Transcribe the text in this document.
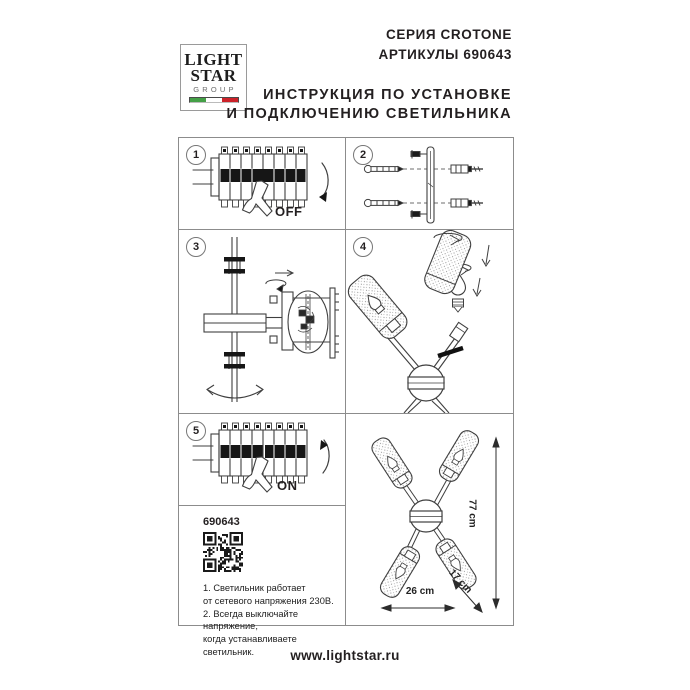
LIGHT
STAR
GROUP
СЕРИЯ CROTONE
АРТИКУЛЫ 690643
ИНСТРУКЦИЯ ПО УСТАНОВКЕ
И ПОДКЛЮЧЕНИЮ СВЕТИЛЬНИКА
1
OFF
2
3	4
5
ON
690643
1. Светильник работает
от сетевого напряжения 230В.
2. Всегда выключайте напряжение,
когда устанавливаете светильник.
77 cm
26 cm	17 cm
www.lightstar.ru
